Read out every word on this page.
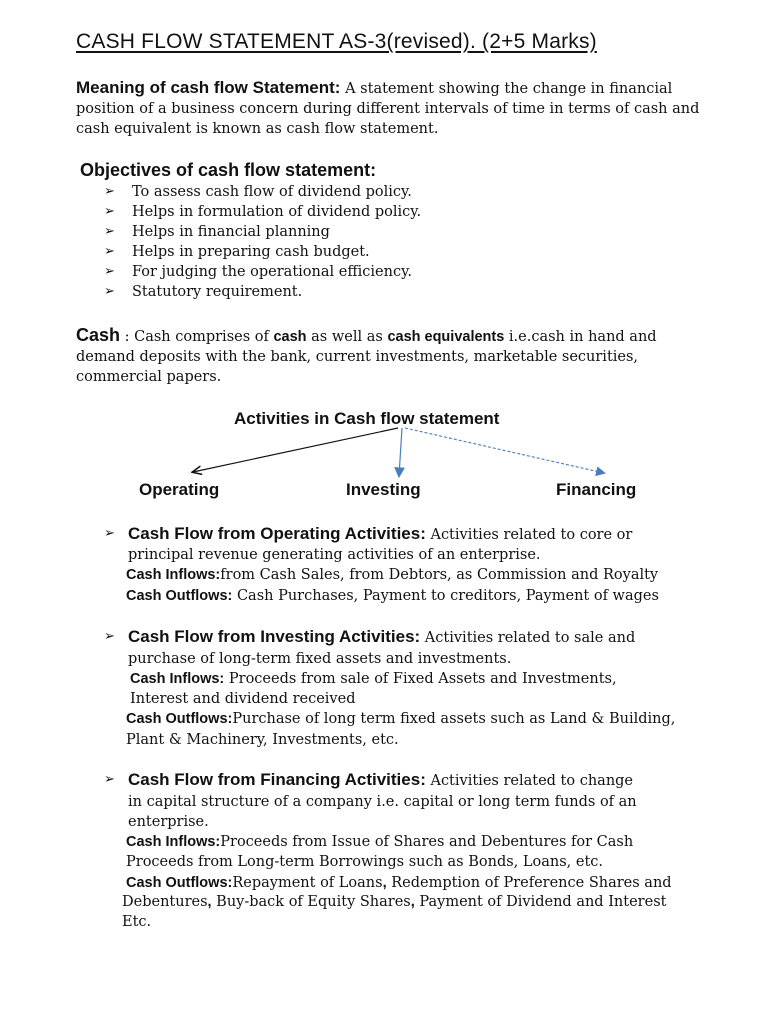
CASH FLOW STATEMENT AS-3(revised). (2+5 Marks)

Meaning of cash flow Statement: A statement showing the change in financial position of a business concern during different intervals of time in terms of cash and cash equivalent is known as cash flow statement.

Objectives of cash flow statement:
➢ To assess cash flow of dividend policy.
➢ Helps in formulation of dividend policy.
➢ Helps in financial planning
➢ Helps in preparing cash budget.
➢ For judging the operational efficiency.
➢ Statutory requirement.

Cash : Cash comprises of cash as well as cash equivalents i.e.cash in hand and demand deposits with the bank, current investments, marketable securities, commercial papers.

Activities in Cash flow statement
Operating	Investing	Financing
➢ Cash Flow from Operating Activities: Activities related to core or
principal revenue generating activities of an enterprise.
Cash Inflows:from Cash Sales, from Debtors, as Commission and Royalty
Cash Outflows: Cash Purchases, Payment to creditors, Payment of wages
➢ Cash Flow from Investing Activities: Activities related to sale and
purchase of long-term fixed assets and investments.
Cash Inflows: Proceeds from sale of Fixed Assets and Investments,
Interest and dividend received
Cash Outflows:Purchase of long term fixed assets such as Land & Building,
Plant & Machinery, Investments, etc.
➢ Cash Flow from Financing Activities: Activities related to change
in capital structure of a company i.e. capital or long term funds of an
enterprise.
Cash Inflows:Proceeds from Issue of Shares and Debentures for Cash
Proceeds from Long-term Borrowings such as Bonds, Loans, etc.
Cash Outflows:Repayment of Loans, Redemption of Preference Shares and
Debentures, Buy-back of Equity Shares, Payment of Dividend and Interest
Etc.
